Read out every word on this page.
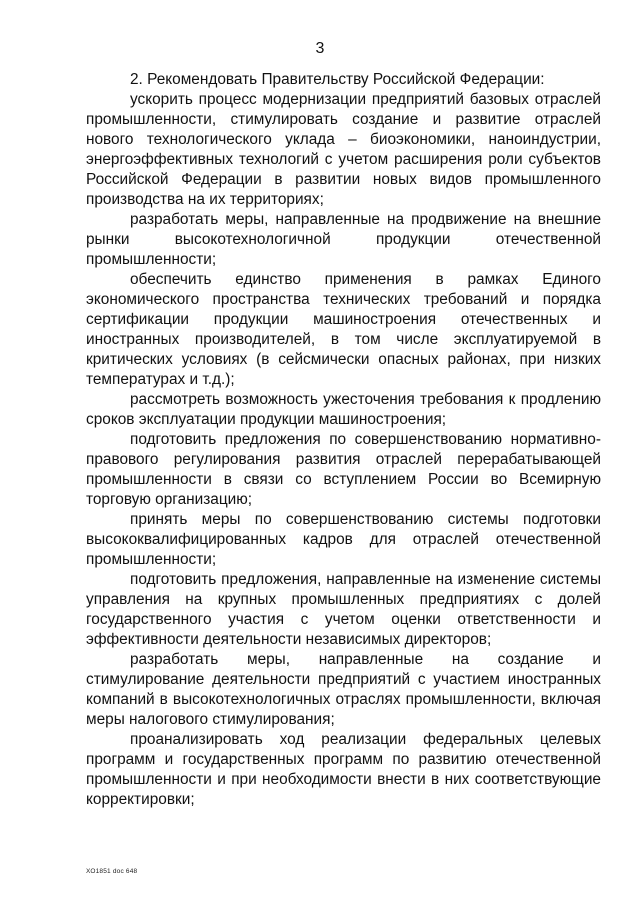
3

2. Рекомендовать Правительству Российской Федерации:

ускорить процесс модернизации предприятий базовых отраслей промышленности, стимулировать создание и развитие отраслей нового технологического уклада – биоэкономики, наноиндустрии, энергоэффективных технологий с учетом расширения роли субъектов Российской Федерации в развитии новых видов промышленного производства на их территориях;

разработать меры, направленные на продвижение на внешние рынки высокотехнологичной продукции отечественной промышленности;

обеспечить единство применения в рамках Единого экономического пространства технических требований и порядка сертификации продукции машиностроения отечественных и иностранных производителей, в том числе эксплуатируемой в критических условиях (в сейсмически опасных районах, при низких температурах и т.д.);

рассмотреть возможность ужесточения требования к продлению сроков эксплуатации продукции машиностроения;

подготовить предложения по совершенствованию нормативно-правового регулирования развития отраслей перерабатывающей промышленности в связи со вступлением России во Всемирную торговую организацию;

принять меры по совершенствованию системы подготовки высококвалифицированных кадров для отраслей отечественной промышленности;

подготовить предложения, направленные на изменение системы управления на крупных промышленных предприятиях с долей государственного участия с учетом оценки ответственности и эффективности деятельности независимых директоров;

разработать меры, направленные на создание и стимулирование деятельности предприятий с участием иностранных компаний в высокотехнологичных отраслях промышленности, включая меры налогового стимулирования;

проанализировать ход реализации федеральных целевых программ и государственных программ по развитию отечественной промышленности и при необходимости внести в них соответствующие корректировки;

ХО1851 doc 648
